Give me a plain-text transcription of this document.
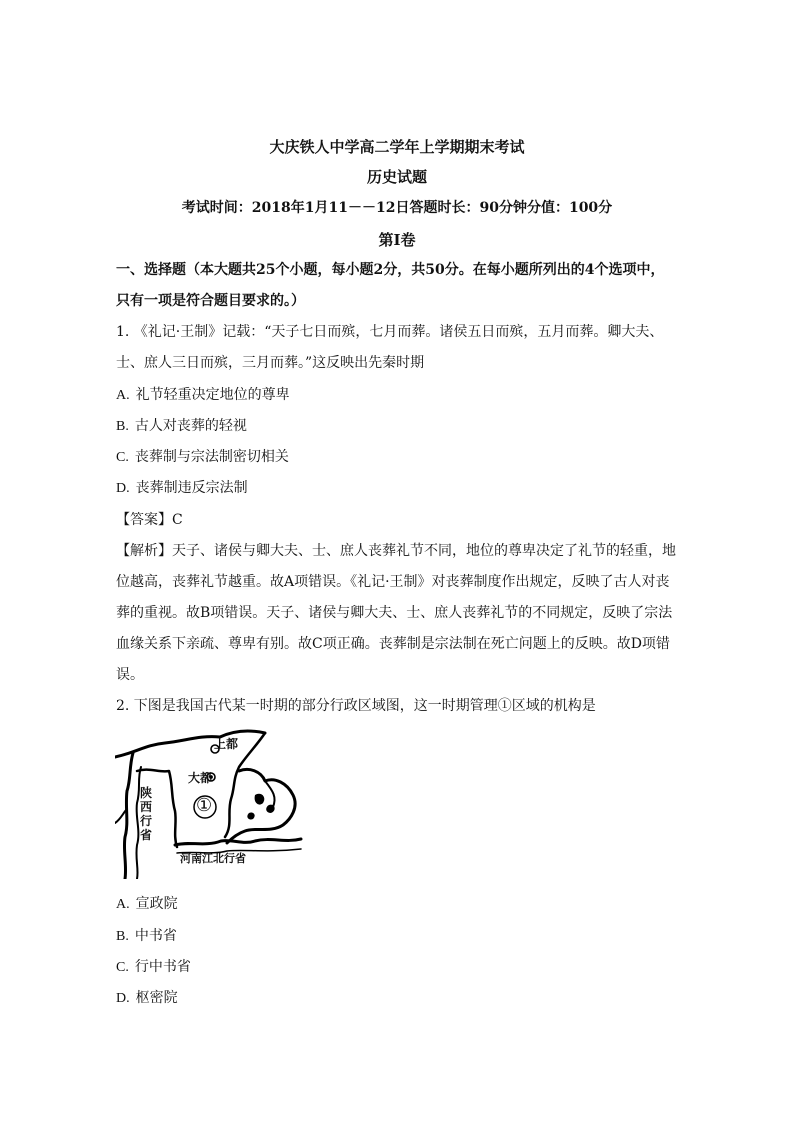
大庆铁人中学高二学年上学期期末考试
历史试题
考试时间：2018年1月11－－12日答题时长：90分钟分值：100分
第Ⅰ卷
一、选择题（本大题共25个小题，每小题2分，共50分。在每小题所列出的4个选项中，
只有一项是符合题目要求的。）
1. 《礼记·王制》记载：“天子七日而殡，七月而葬。诸侯五日而殡，五月而葬。卿大夫、
士、庶人三日而殡，三月而葬。”这反映出先秦时期
A. 礼节轻重决定地位的尊卑
B. 古人对丧葬的轻视
C. 丧葬制与宗法制密切相关
D. 丧葬制违反宗法制
【答案】C
【解析】天子、诸侯与卿大夫、士、庶人丧葬礼节不同，地位的尊卑决定了礼节的轻重，地
位越高，丧葬礼节越重。故A项错误。《礼记·王制》对丧葬制度作出规定，反映了古人对丧
葬的重视。故B项错误。天子、诸侯与卿大夫、士、庶人丧葬礼节的不同规定，反映了宗法
血缘关系下亲疏、尊卑有别。故C项正确。丧葬制是宗法制在死亡问题上的反映。故D项错
误。
2. 下图是我国古代某一时期的部分行政区域图，这一时期管理①区域的机构是
上都
大都
①
陕西行省
河南江北行省
A. 宣政院
B. 中书省
C. 行中书省
D. 枢密院
